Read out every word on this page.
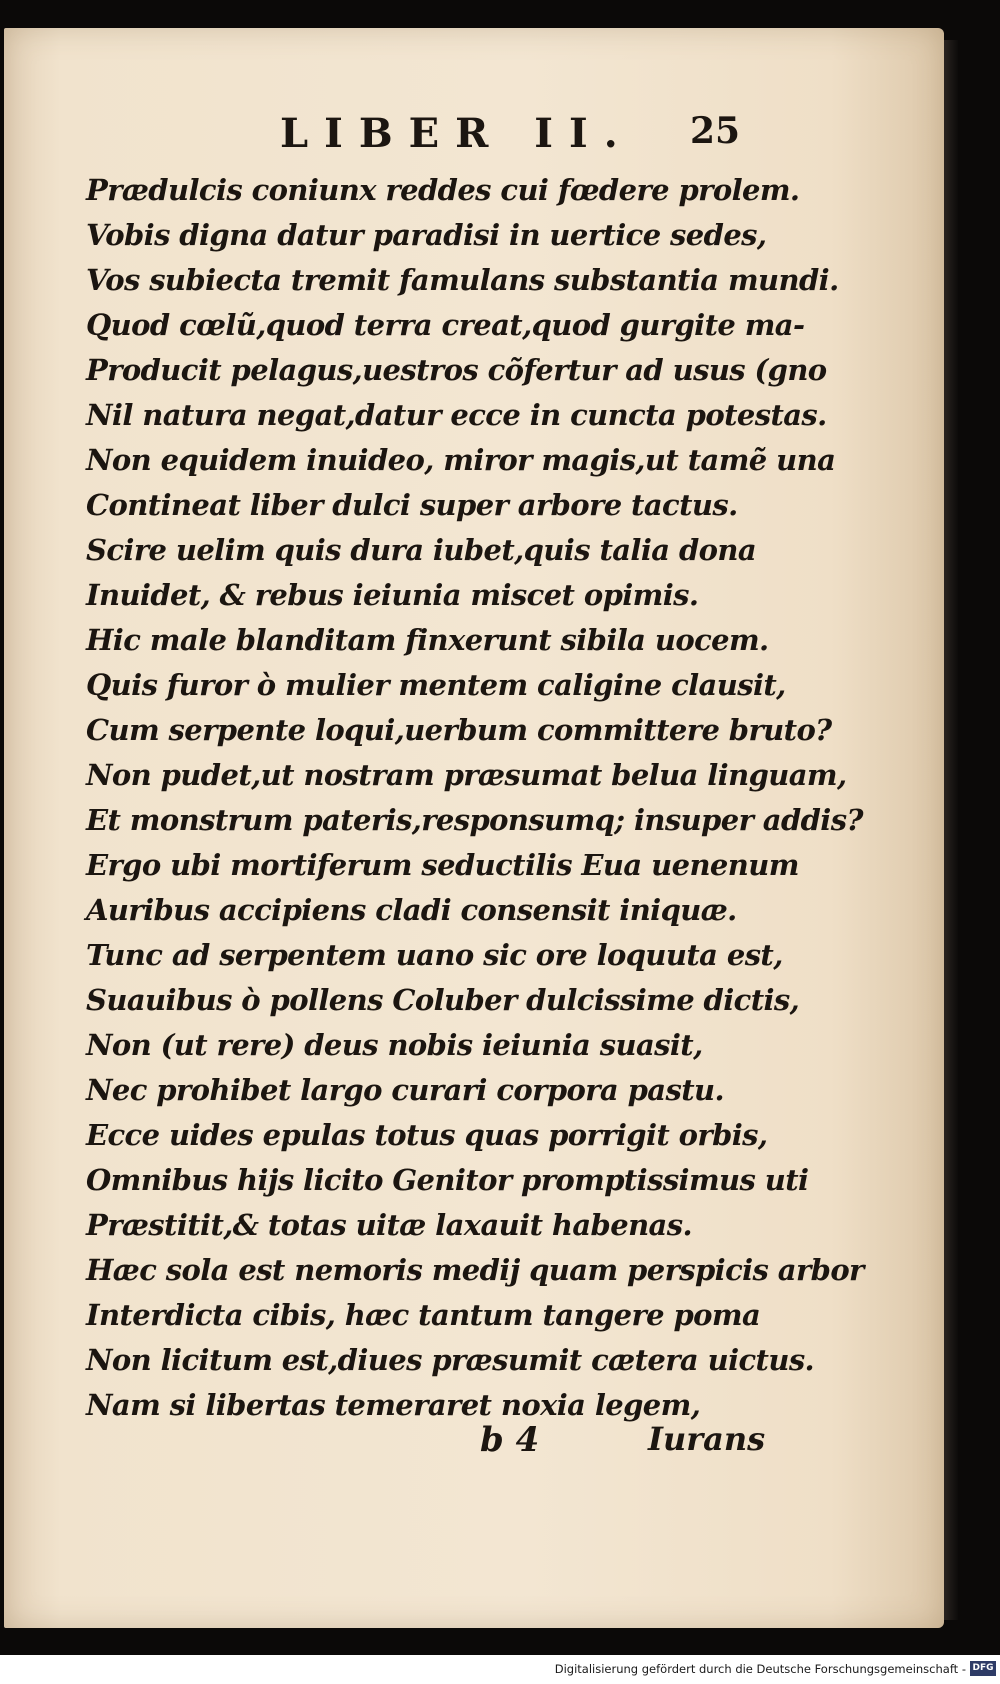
LIBER II. 25
Prædulcis coniunx reddes cui fœdere prolem.
Vobis digna datur paradisi in uertice sedes,
Vos subiecta tremit famulans substantia mundi.
Quod cœlũ,quod terra creat,quod gurgite ma-
Producit pelagus,uestros cõfertur ad usus (gno
Nil natura negat,datur ecce in cuncta potestas.
Non equidem inuideo, miror magis,ut tamẽ una
Contineat liber dulci super arbore tactus.
Scire uelim quis dura iubet,quis talia dona
Inuidet, & rebus ieiunia miscet opimis.
Hic male blanditam finxerunt sibila uocem.
Quis furor ò mulier mentem caligine clausit,
Cum serpente loqui,uerbum committere bruto?
Non pudet,ut nostram præsumat belua linguam,
Et monstrum pateris,responsumq; insuper addis?
Ergo ubi mortiferum seductilis Eua uenenum
Auribus accipiens cladi consensit iniquæ.
Tunc ad serpentem uano sic ore loquuta est,
Suauibus ò pollens Coluber dulcissime dictis,
Non (ut rere) deus nobis ieiunia suasit,
Nec prohibet largo curari corpora pastu.
Ecce uides epulas totus quas porrigit orbis,
Omnibus hijs licito Genitor promptissimus uti
Præstitit,& totas uitæ laxauit habenas.
Hæc sola est nemoris medij quam perspicis arbor
Interdicta cibis, hæc tantum tangere poma
Non licitum est,diues præsumit cætera uictus.
Nam si libertas temeraret noxia legem,
b 4	Iurans
Digitalisierung gefördert durch die Deutsche Forschungsgemeinschaft - DFG
